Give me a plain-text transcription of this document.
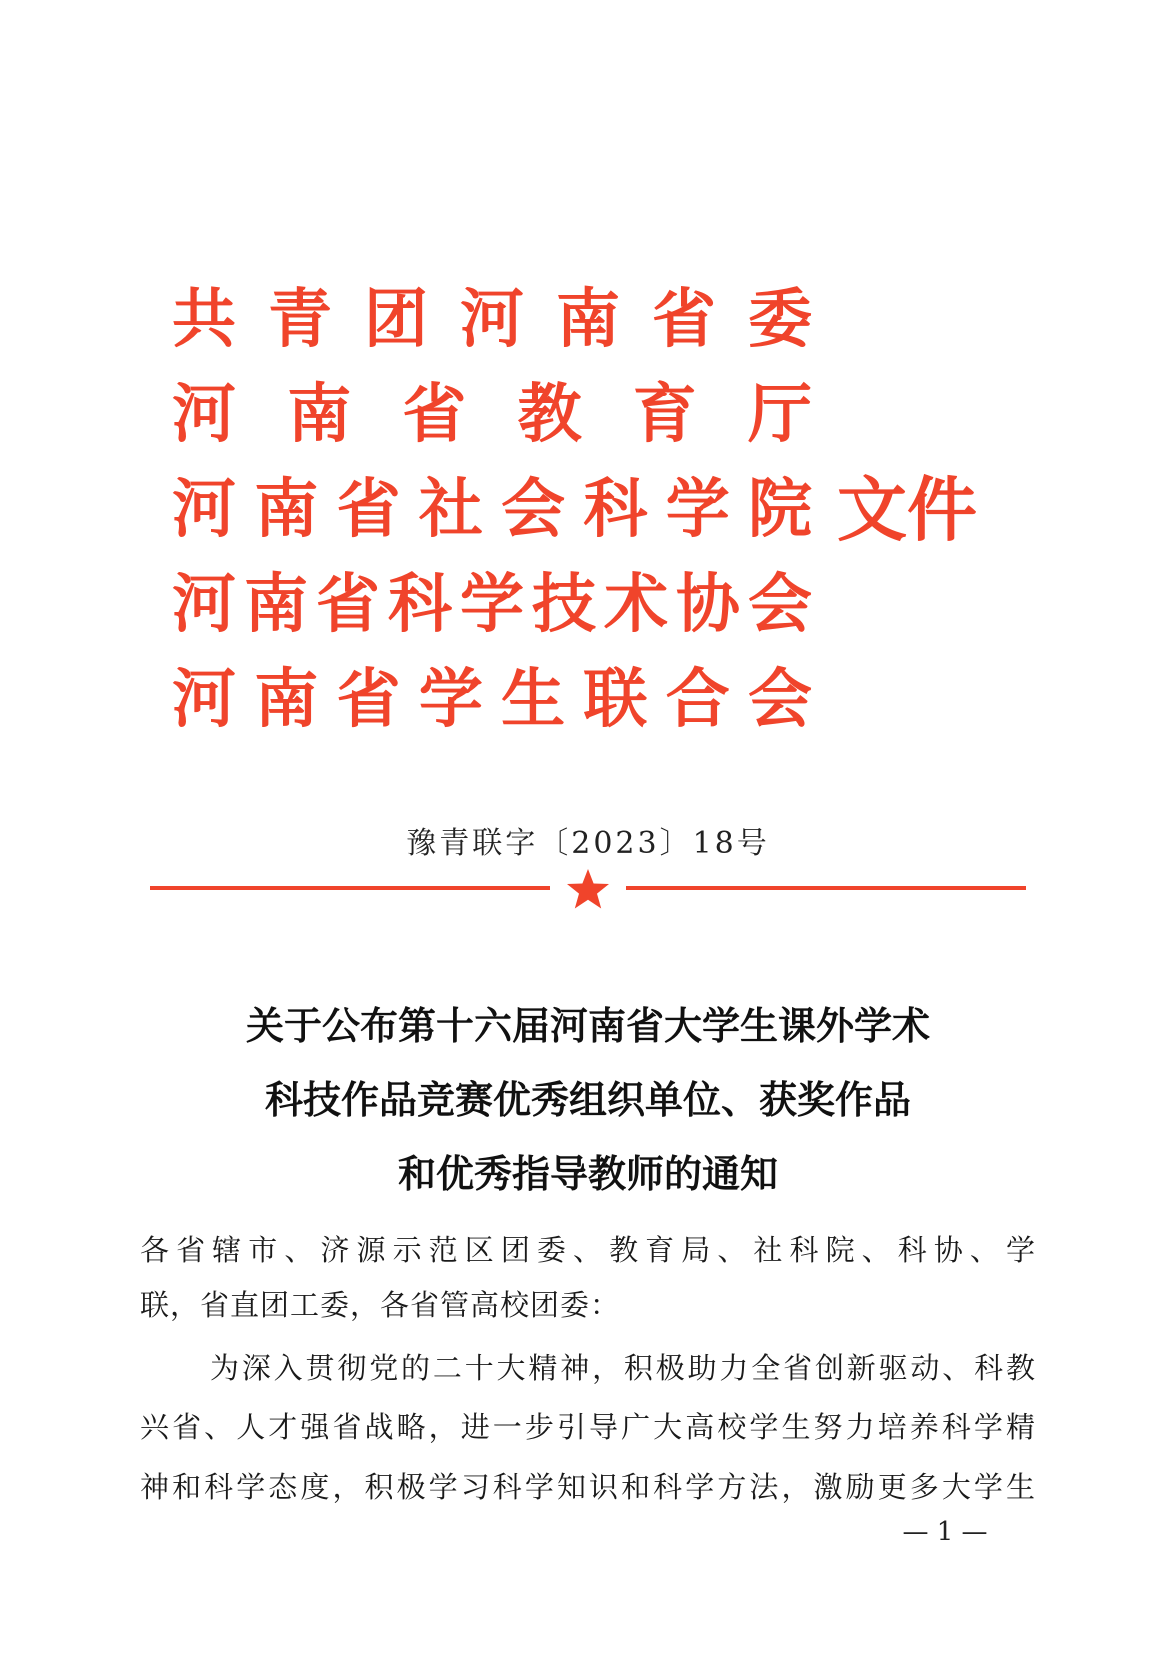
共青团河南省委
河南省教育厅
河南省社会科学院
河南省科学技术协会
河南省学生联合会
文件
豫青联字〔2023〕18号
关于公布第十六届河南省大学生课外学术
科技作品竞赛优秀组织单位、获奖作品
和优秀指导教师的通知
各省辖市、济源示范区团委、教育局、社科院、科协、学
联，省直团工委，各省管高校团委：
为深入贯彻党的二十大精神，积极助力全省创新驱动、科教
兴省、人才强省战略，进一步引导广大高校学生努力培养科学精
神和科学态度，积极学习科学知识和科学方法，激励更多大学生
— 1 —
